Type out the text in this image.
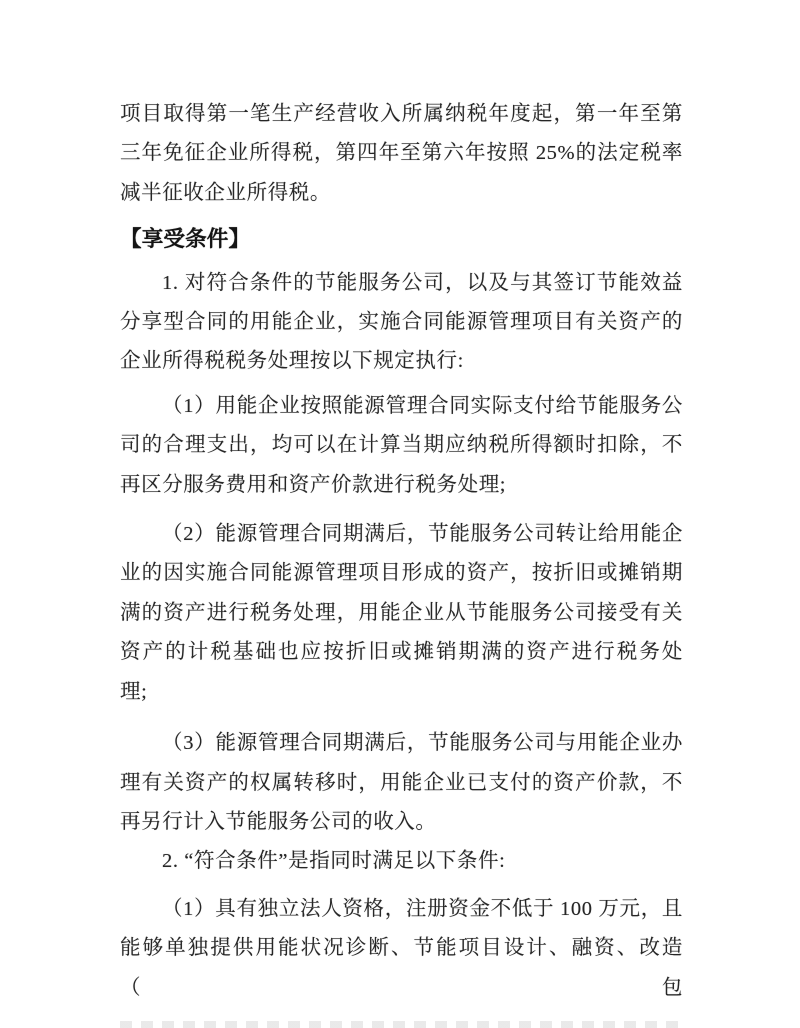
项目取得第一笔生产经营收入所属纳税年度起，第一年至第
三年免征企业所得税，第四年至第六年按照 25%的法定税率
减半征收企业所得税。
【享受条件】
1. 对符合条件的节能服务公司，以及与其签订节能效益
分享型合同的用能企业，实施合同能源管理项目有关资产的
企业所得税税务处理按以下规定执行:
（1）用能企业按照能源管理合同实际支付给节能服务公
司的合理支出，均可以在计算当期应纳税所得额时扣除，不
再区分服务费用和资产价款进行税务处理;
（2）能源管理合同期满后，节能服务公司转让给用能企
业的因实施合同能源管理项目形成的资产，按折旧或摊销期
满的资产进行税务处理，用能企业从节能服务公司接受有关
资产的计税基础也应按折旧或摊销期满的资产进行税务处
理;
（3）能源管理合同期满后，节能服务公司与用能企业办
理有关资产的权属转移时，用能企业已支付的资产价款，不
再另行计入节能服务公司的收入。
2. “符合条件”是指同时满足以下条件:
（1）具有独立法人资格，注册资金不低于 100 万元，且
能够单独提供用能状况诊断、节能项目设计、融资、改造（包
